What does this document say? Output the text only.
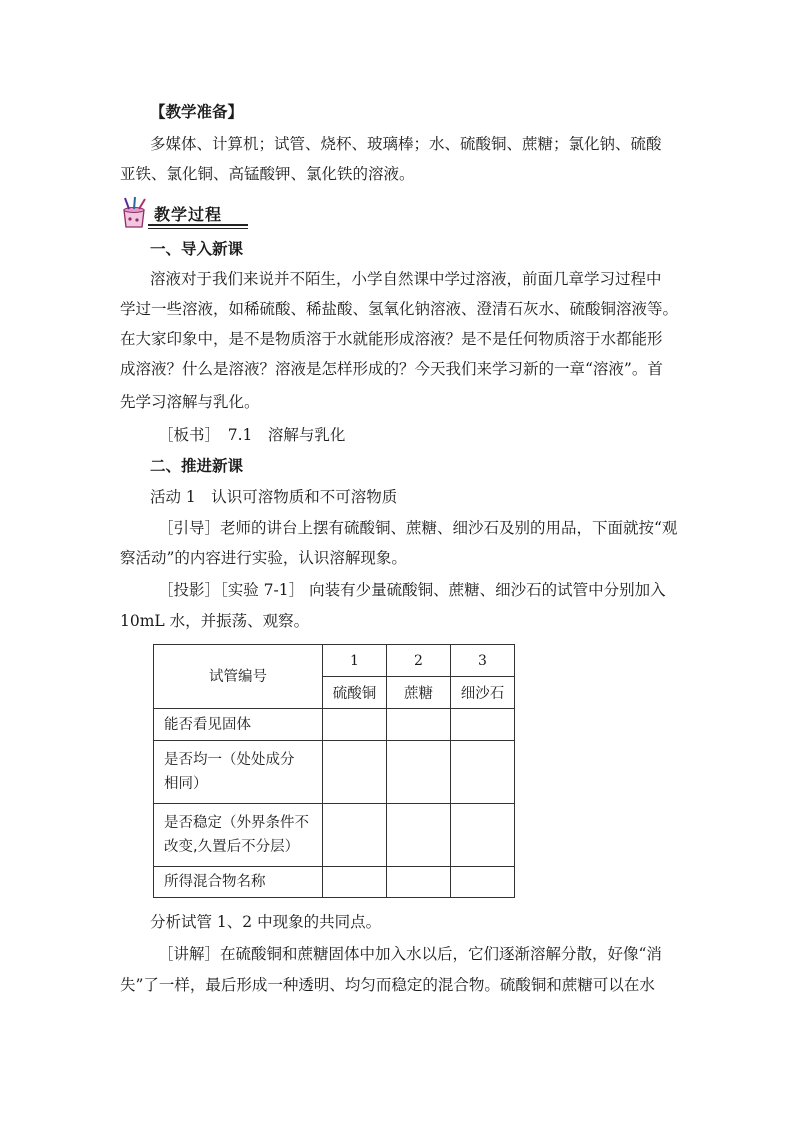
【教学准备】
多媒体、计算机；试管、烧杯、玻璃棒；水、硫酸铜、蔗糖；氯化钠、硫酸
亚铁、氯化铜、高锰酸钾、氯化铁的溶液。
教学过程
一、导入新课
溶液对于我们来说并不陌生，小学自然课中学过溶液，前面几章学习过程中
学过一些溶液，如稀硫酸、稀盐酸、氢氧化钠溶液、澄清石灰水、硫酸铜溶液等。
在大家印象中，是不是物质溶于水就能形成溶液？是不是任何物质溶于水都能形
成溶液？什么是溶液？溶液是怎样形成的？今天我们来学习新的一章“溶液”。首
先学习溶解与乳化。
［板书］　7.1　溶解与乳化
二、推进新课
活动 1　认识可溶物质和不可溶物质
［引导］老师的讲台上摆有硫酸铜、蔗糖、细沙石及别的用品，下面就按“观
察活动”的内容进行实验，认识溶解现象。
［投影］［实验 7-1］ 向装有少量硫酸铜、蔗糖、细沙石的试管中分别加入
10mL 水，并振荡、观察。
试管编号	1	2	3
	硫酸铜	蔗糖	细沙石
能否看见固体			
是否均一（处处成分
相同）			
是否稳定（外界条件不
改变,久置后不分层）			
所得混合物名称			
分析试管 1、2 中现象的共同点。
［讲解］在硫酸铜和蔗糖固体中加入水以后，它们逐渐溶解分散，好像“消
失”了一样，最后形成一种透明、均匀而稳定的混合物。硫酸铜和蔗糖可以在水
